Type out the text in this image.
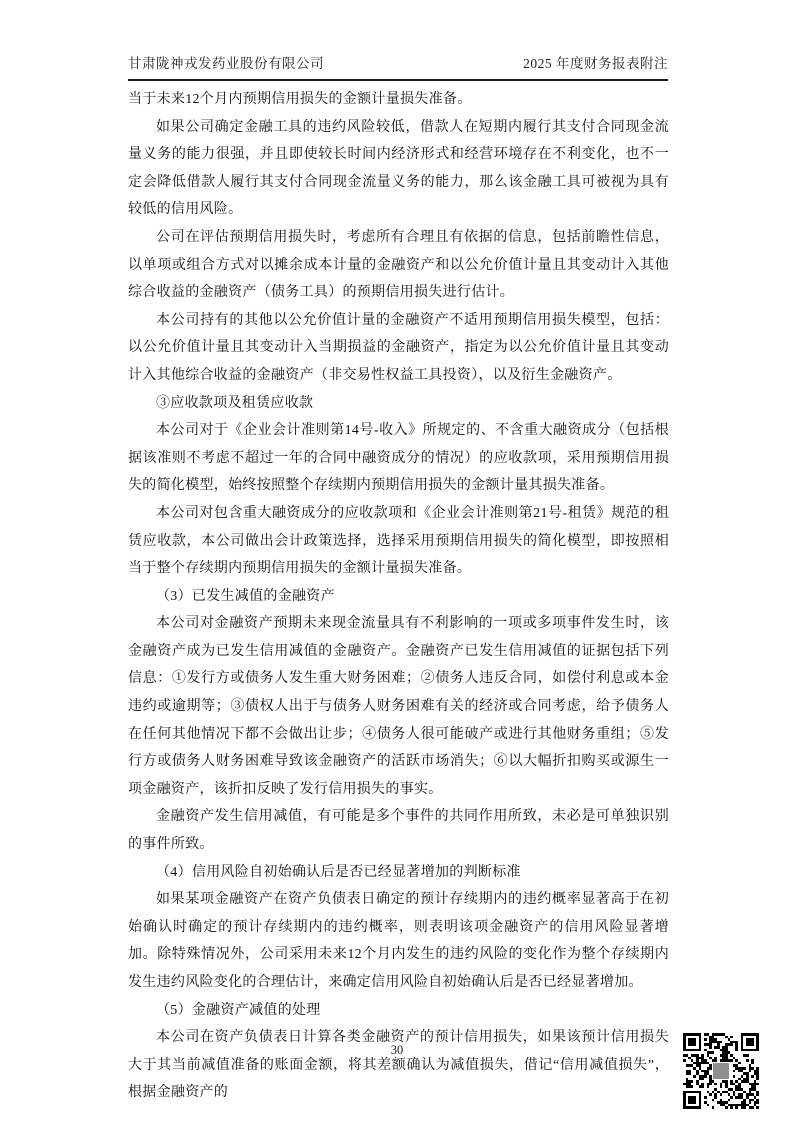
甘肃陇神戎发药业股份有限公司	2025 年度财务报表附注

当于未来12个月内预期信用损失的金额计量损失准备。

如果公司确定金融工具的违约风险较低，借款人在短期内履行其支付合同现金流量义务的能力很强，并且即使较长时间内经济形式和经营环境存在不利变化，也不一定会降低借款人履行其支付合同现金流量义务的能力，那么该金融工具可被视为具有较低的信用风险。

公司在评估预期信用损失时，考虑所有合理且有依据的信息，包括前瞻性信息，以单项或组合方式对以摊余成本计量的金融资产和以公允价值计量且其变动计入其他综合收益的金融资产（债务工具）的预期信用损失进行估计。

本公司持有的其他以公允价值计量的金融资产不适用预期信用损失模型，包括：以公允价值计量且其变动计入当期损益的金融资产，指定为以公允价值计量且其变动计入其他综合收益的金融资产（非交易性权益工具投资），以及衍生金融资产。

③应收款项及租赁应收款

本公司对于《企业会计准则第14号-收入》所规定的、不含重大融资成分（包括根据该准则不考虑不超过一年的合同中融资成分的情况）的应收款项，采用预期信用损失的简化模型，始终按照整个存续期内预期信用损失的金额计量其损失准备。

本公司对包含重大融资成分的应收款项和《企业会计准则第21号-租赁》规范的租赁应收款，本公司做出会计政策选择，选择采用预期信用损失的简化模型，即按照相当于整个存续期内预期信用损失的金额计量损失准备。

（3）已发生减值的金融资产

本公司对金融资产预期未来现金流量具有不利影响的一项或多项事件发生时，该金融资产成为已发生信用减值的金融资产。金融资产已发生信用减值的证据包括下列信息：①发行方或债务人发生重大财务困难；②债务人违反合同，如偿付利息或本金违约或逾期等；③债权人出于与债务人财务困难有关的经济或合同考虑，给予债务人在任何其他情况下都不会做出让步；④债务人很可能破产或进行其他财务重组；⑤发行方或债务人财务困难导致该金融资产的活跃市场消失；⑥以大幅折扣购买或源生一项金融资产，该折扣反映了发行信用损失的事实。

金融资产发生信用减值，有可能是多个事件的共同作用所致，未必是可单独识别的事件所致。

（4）信用风险自初始确认后是否已经显著增加的判断标准

如果某项金融资产在资产负债表日确定的预计存续期内的违约概率显著高于在初始确认时确定的预计存续期内的违约概率，则表明该项金融资产的信用风险显著增加。除特殊情况外，公司采用未来12个月内发生的违约风险的变化作为整个存续期内发生违约风险变化的合理估计，来确定信用风险自初始确认后是否已经显著增加。

（5）金融资产减值的处理

本公司在资产负债表日计算各类金融资产的预计信用损失，如果该预计信用损失大于其当前减值准备的账面金额，将其差额确认为减值损失，借记“信用减值损失”，根据金融资产的

30
